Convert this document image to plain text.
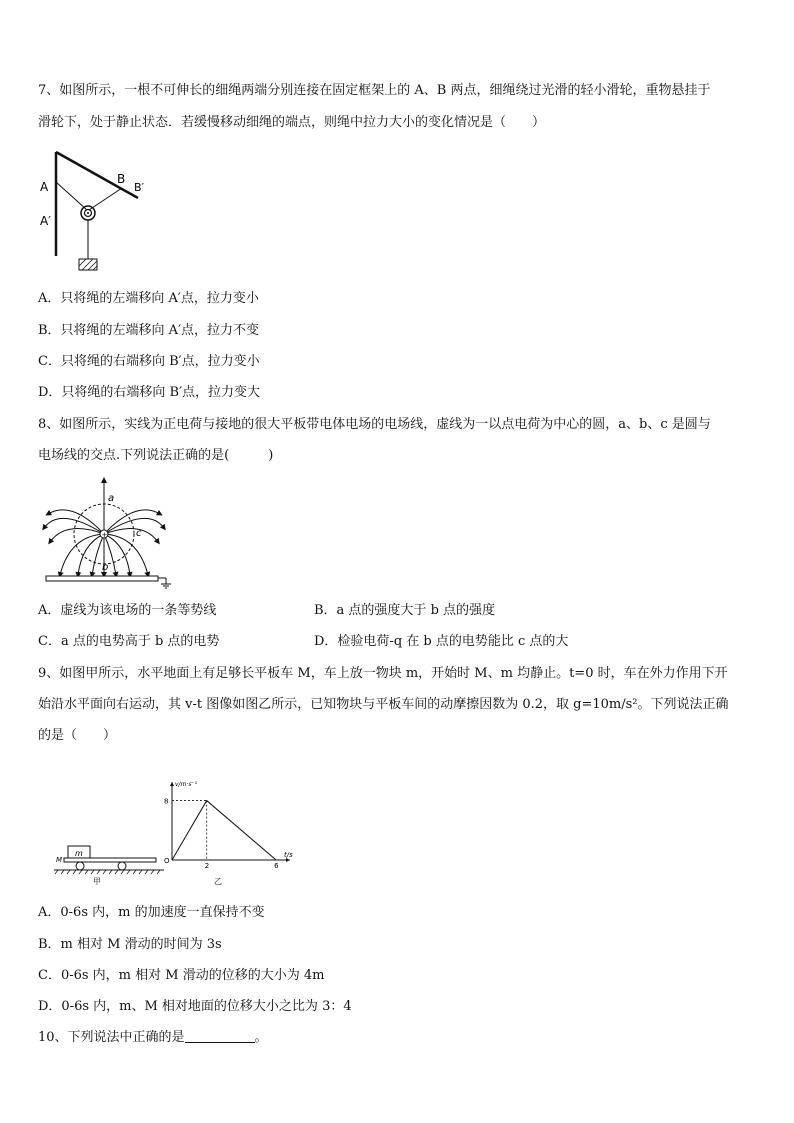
7、如图所示，一根不可伸长的细绳两端分别连接在固定框架上的 A、B 两点，细绳绕过光滑的轻小滑轮，重物悬挂于
滑轮下，处于静止状态．若缓慢移动细绳的端点，则绳中拉力大小的变化情况是（　　）
A
A′
B
B′
A．只将绳的左端移向 A′点，拉力变小
B．只将绳的左端移向 A′点，拉力不变
C．只将绳的右端移向 B′点，拉力变小
D．只将绳的右端移向 B′点，拉力变大
8、如图所示，实线为正电荷与接地的很大平板带电体电场的电场线，虚线为一以点电荷为中心的圆，a、b、c 是圆与
电场线的交点.下列说法正确的是(　　　)
+
a
b
c
A．虚线为该电场的一条等势线	B．a 点的强度大于 b 点的强度
C．a 点的电势高于 b 点的电势	D．检验电荷-q 在 b 点的电势能比 c 点的大
9、如图甲所示，水平地面上有足够长平板车 M，车上放一物块 m，开始时 M、m 均静止。t=0 时，车在外力作用下开
始沿水平面向右运动，其 v-t 图像如图乙所示，已知物块与平板车间的动摩擦因数为 0.2，取 g=10m/s²。下列说法正确
的是（　　）
m
M
甲
v/m·s⁻¹
t/s
O
2	6
8
乙
A．0-6s 内，m 的加速度一直保持不变
B．m 相对 M 滑动的时间为 3s
C．0-6s 内，m 相对 M 滑动的位移的大小为 4m
D．0-6s 内，m、M 相对地面的位移大小之比为 3：4
10、下列说法中正确的是	。
